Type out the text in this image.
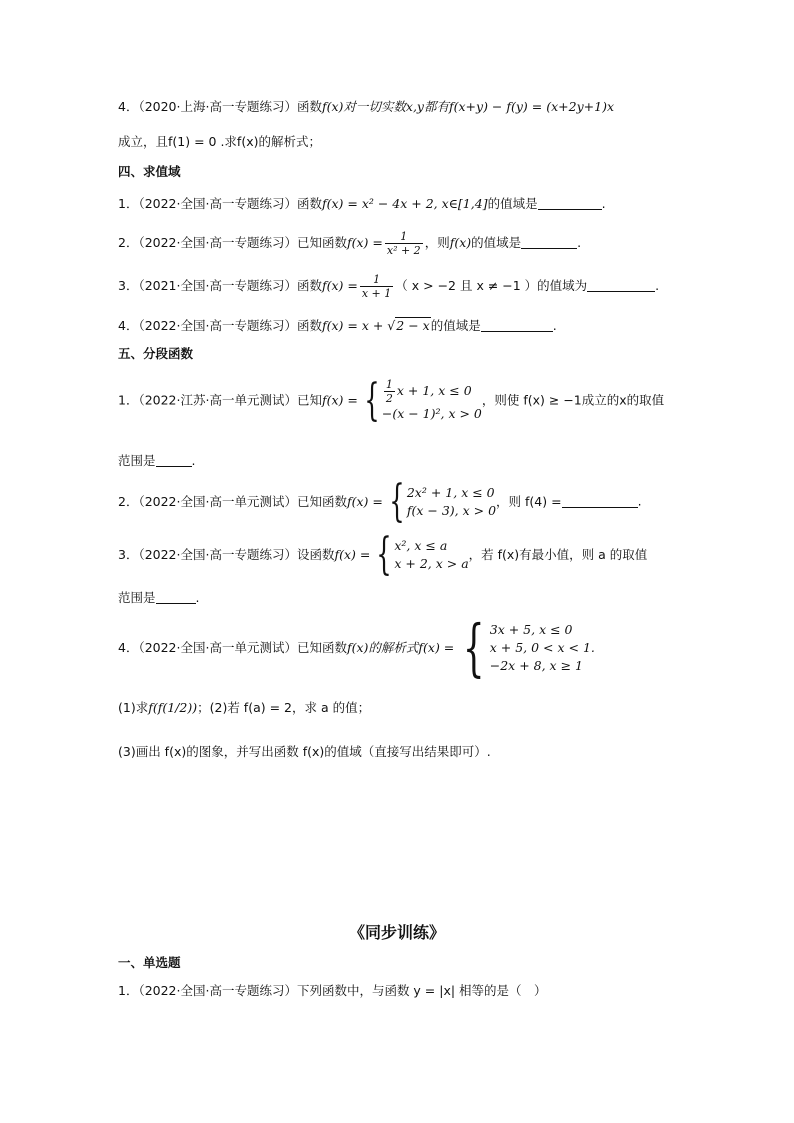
4．（2020·上海·高一专题练习）函数f(x)对一切实数x,y都有f(x+y) − f(y) = (x+2y+1)x
成立，且f(1) = 0 .求f(x)的解析式；
四、求值域
1．（2022·全国·高一专题练习）函数f(x) = x² − 4x + 2, x∈[1,4]的值域是	.
2．（2022·全国·高一专题练习）已知函数$f(x) = \frac{1}{\text{x² + 2}}$ ，则f(x)的值域是	.
3．（2021·全国·高一专题练习）函数$f(x) = \frac{1}{x + 1}$ （ x > −2 且 x ≠ −1 ）的值域为	.
4．（2022·全国·高一专题练习）函数f(x) = x + √2 − x的值域是	.
五、分段函数
1．（2022·江苏·高一单元测试）已知f(x) = { $\frac{1}{2}$ x + 1, x ≤ 0
−(x − 1)², x > 0
，则使 f(x) ≥ −1成立的x的取值
范围是	.
2．（2022·全国·高一单元测试）已知函数f(x) = { 2x² + 1, x ≤ 0
f(x − 3), x > 0
，则 f(4) =	.
3．（2022·全国·高一专题练习）设函数f(x) = { x², x ≤ a
x + 2, x > a
，若 f(x)有最小值，则 a 的取值
范围是	.
4．（2022·全国·高一单元测试）已知函数f(x)的解析式f(x) = { 3x + 5, x ≤ 0
x + 5, 0 < x < 1.
−2x + 8, x ≥ 1
(1)求f(f(1/2))；(2)若 f(a) = 2，求 a 的值；
(3)画出 f(x)的图象，并写出函数 f(x)的值域（直接写出结果即可）.
《同步训练》
一、单选题
1．（2022·全国·高一专题练习）下列函数中，与函数 y = |x| 相等的是（　）
